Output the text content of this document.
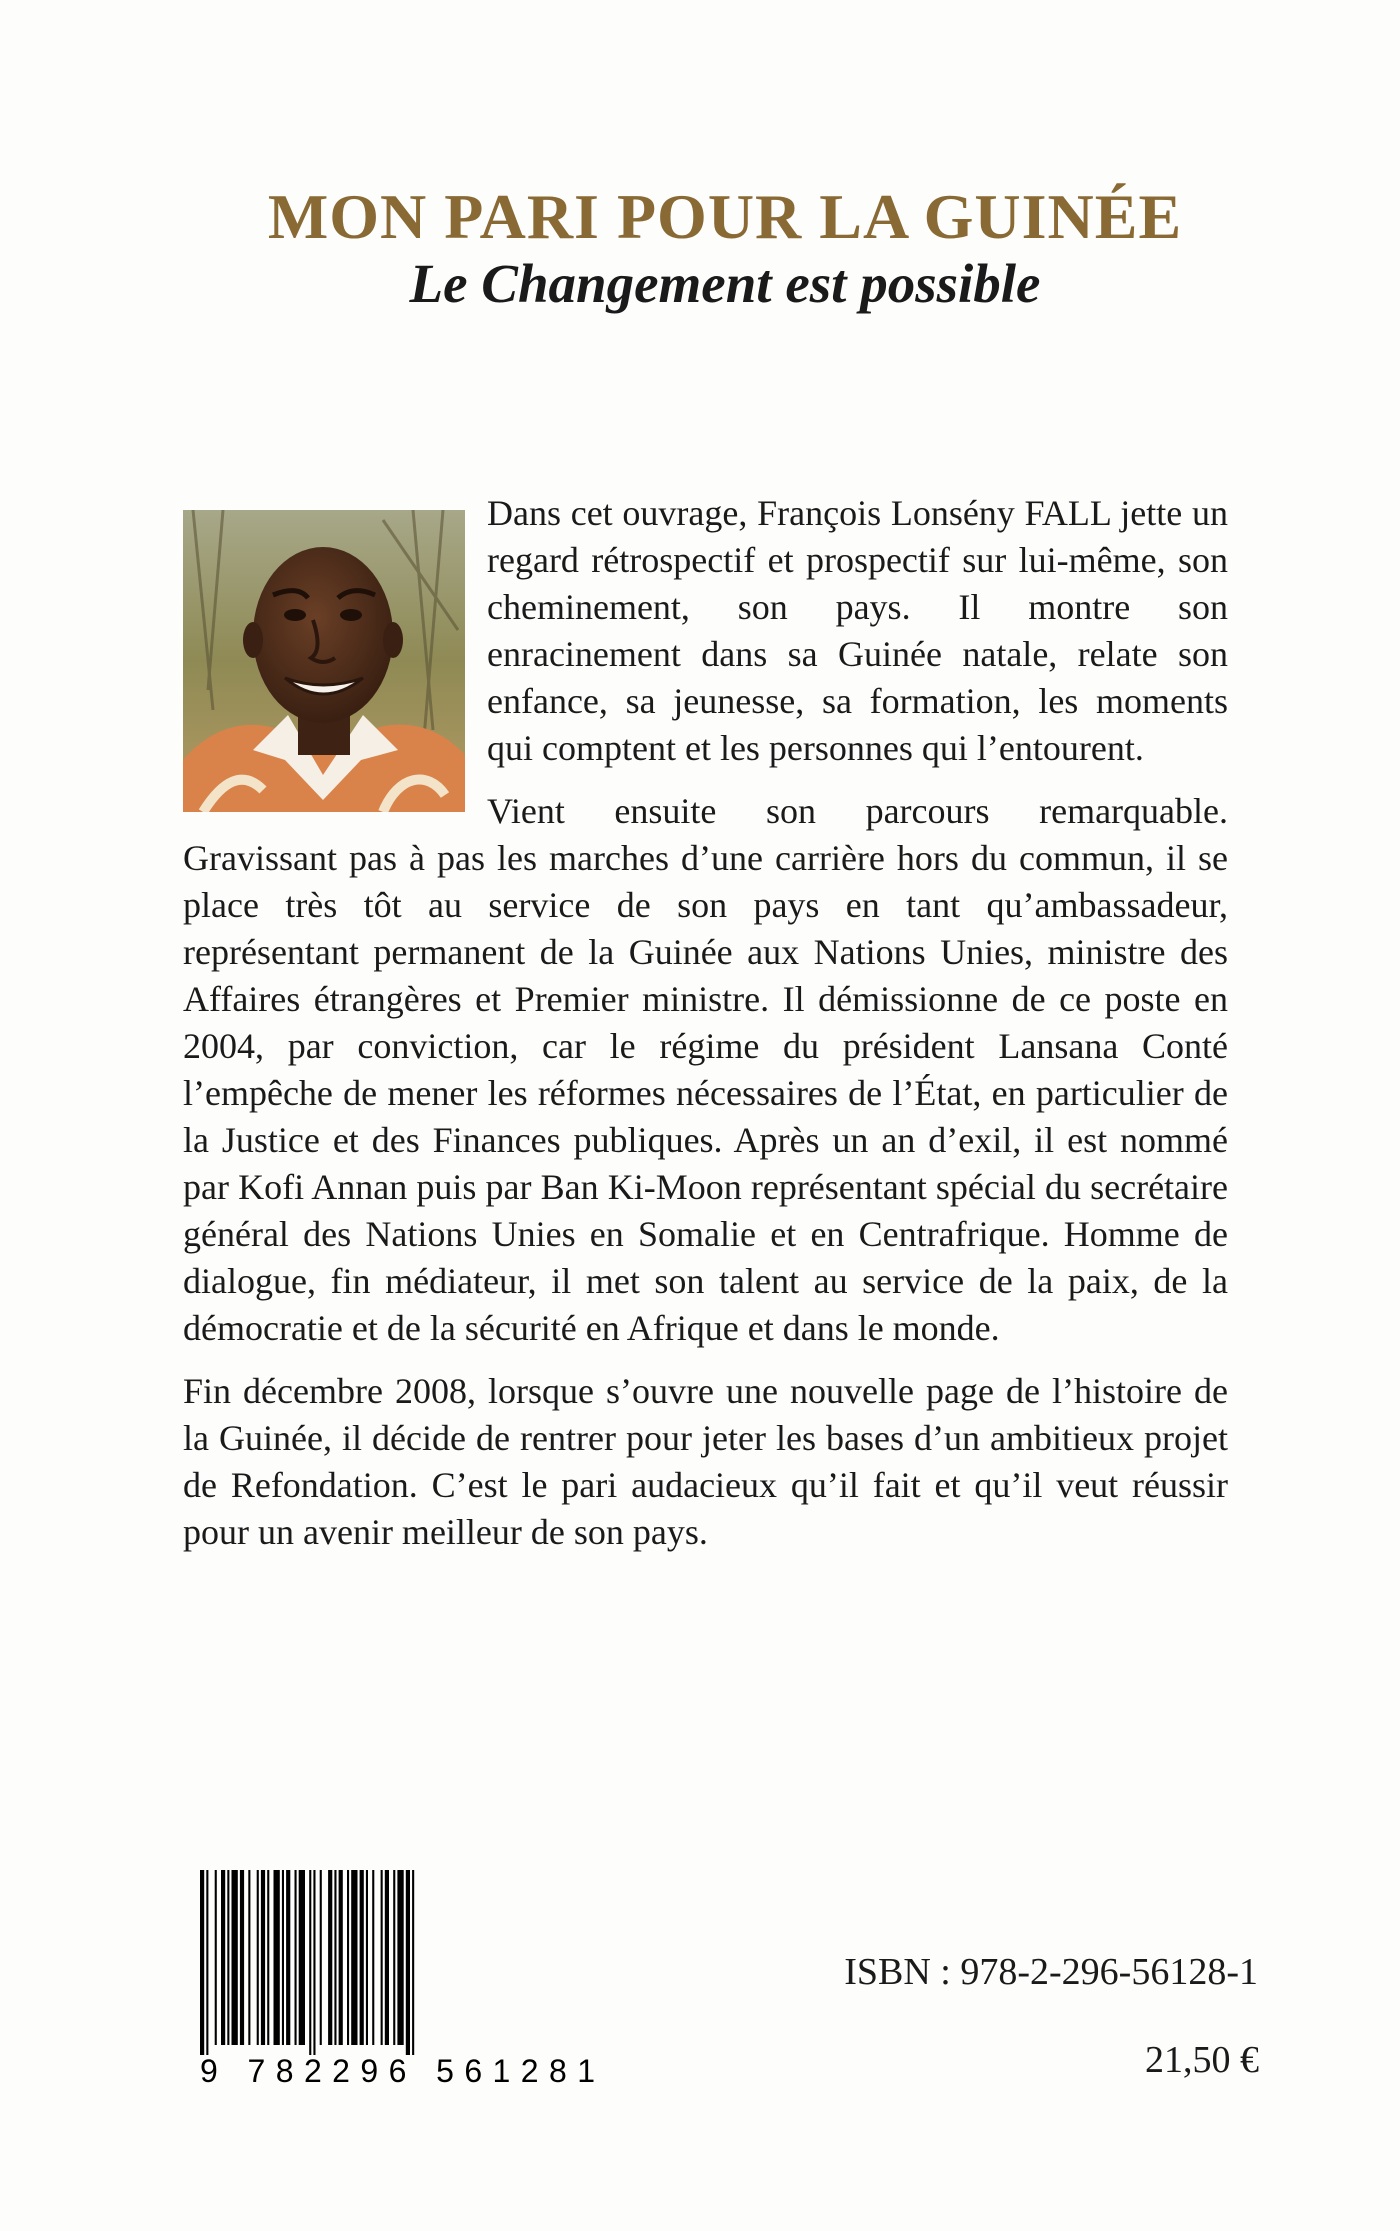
MON PARI POUR LA GUINÉE
Le Changement est possible

Dans cet ouvrage, François Lonsény FALL jette un regard rétrospectif et prospectif sur lui-même, son cheminement, son pays. Il montre son enracinement dans sa Guinée natale, relate son enfance, sa jeunesse, sa formation, les moments qui comptent et les personnes qui l’entourent.

Vient ensuite son parcours remarquable. Gravissant pas à pas les marches d’une carrière hors du commun, il se place très tôt au service de son pays en tant qu’ambassadeur, représentant permanent de la Guinée aux Nations Unies, ministre des Affaires étrangères et Premier ministre. Il démissionne de ce poste en 2004, par conviction, car le régime du président Lansana Conté l’empêche de mener les réformes nécessaires de l’État, en particulier de la Justice et des Finances publiques. Après un an d’exil, il est nommé par Kofi Annan puis par Ban Ki-Moon représentant spécial du secrétaire général des Nations Unies en Somalie et en Centrafrique. Homme de dialogue, fin médiateur, il met son talent au service de la paix, de la démocratie et de la sécurité en Afrique et dans le monde.

Fin décembre 2008, lorsque s’ouvre une nouvelle page de l’histoire de la Guinée, il décide de rentrer pour jeter les bases d’un ambitieux projet de Refondation. C’est le pari audacieux qu’il fait et qu’il veut réussir pour un avenir meilleur de son pays.

9 782296 561281

ISBN : 978-2-296-56128-1

21,50 €
